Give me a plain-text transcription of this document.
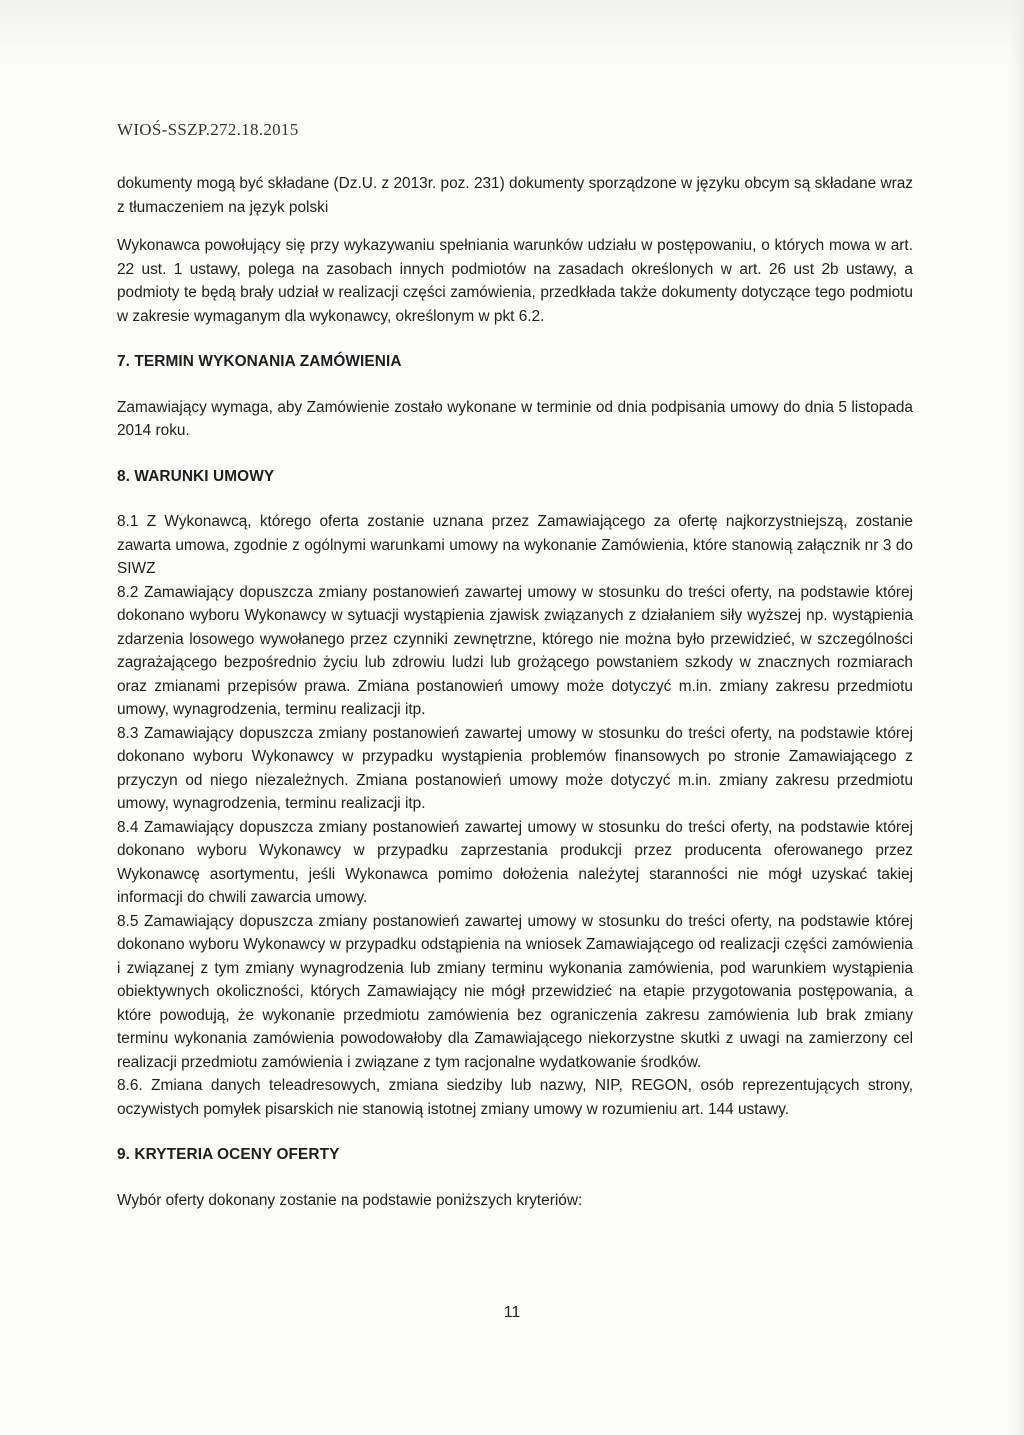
WIOŚ-SSZP.272.18.2015

dokumenty mogą być składane (Dz.U. z 2013r. poz. 231) dokumenty sporządzone w języku obcym są składane wraz z tłumaczeniem na język polski

Wykonawca powołujący się przy wykazywaniu spełniania warunków udziału w postępowaniu, o których mowa w art. 22 ust. 1 ustawy, polega na zasobach innych podmiotów na zasadach określonych w art. 26 ust 2b ustawy, a podmioty te będą brały udział w realizacji części zamówienia, przedkłada także dokumenty dotyczące tego podmiotu w zakresie wymaganym dla wykonawcy, określonym w pkt 6.2.

7. TERMIN WYKONANIA ZAMÓWIENIA

Zamawiający wymaga, aby Zamówienie zostało wykonane w terminie od dnia podpisania umowy do dnia 5 listopada 2014 roku.

8. WARUNKI UMOWY

8.1 Z Wykonawcą, którego oferta zostanie uznana przez Zamawiającego za ofertę najkorzystniejszą, zostanie zawarta umowa, zgodnie z ogólnymi warunkami umowy na wykonanie Zamówienia, które stanowią załącznik nr 3 do SIWZ

8.2 Zamawiający dopuszcza zmiany postanowień zawartej umowy w stosunku do treści oferty, na podstawie której dokonano wyboru Wykonawcy w sytuacji wystąpienia zjawisk związanych z działaniem siły wyższej np. wystąpienia zdarzenia losowego wywołanego przez czynniki zewnętrzne, którego nie można było przewidzieć, w szczególności zagrażającego bezpośrednio życiu lub zdrowiu ludzi lub grożącego powstaniem szkody w znacznych rozmiarach oraz zmianami przepisów prawa. Zmiana postanowień umowy może dotyczyć m.in. zmiany zakresu przedmiotu umowy, wynagrodzenia, terminu realizacji itp.

8.3 Zamawiający dopuszcza zmiany postanowień zawartej umowy w stosunku do treści oferty, na podstawie której dokonano wyboru Wykonawcy w przypadku wystąpienia problemów finansowych po stronie Zamawiającego z przyczyn od niego niezależnych. Zmiana postanowień umowy może dotyczyć m.in. zmiany zakresu przedmiotu umowy, wynagrodzenia, terminu realizacji itp.

8.4 Zamawiający dopuszcza zmiany postanowień zawartej umowy w stosunku do treści oferty, na podstawie której dokonano wyboru Wykonawcy w przypadku zaprzestania produkcji przez producenta oferowanego przez Wykonawcę asortymentu, jeśli Wykonawca pomimo dołożenia należytej staranności nie mógł uzyskać takiej informacji do chwili zawarcia umowy.

8.5 Zamawiający dopuszcza zmiany postanowień zawartej umowy w stosunku do treści oferty, na podstawie której dokonano wyboru Wykonawcy w przypadku odstąpienia na wniosek Zamawiającego od realizacji części zamówienia i związanej z tym zmiany wynagrodzenia lub zmiany terminu wykonania zamówienia, pod warunkiem wystąpienia obiektywnych okoliczności, których Zamawiający nie mógł przewidzieć na etapie przygotowania postępowania, a które powodują, że wykonanie przedmiotu zamówienia bez ograniczenia zakresu zamówienia lub brak zmiany terminu wykonania zamówienia powodowałoby dla Zamawiającego niekorzystne skutki z uwagi na zamierzony cel realizacji przedmiotu zamówienia i związane z tym racjonalne wydatkowanie środków.

8.6. Zmiana danych teleadresowych, zmiana siedziby lub nazwy, NIP, REGON, osób reprezentujących strony, oczywistych pomyłek pisarskich nie stanowią istotnej zmiany umowy w rozumieniu art. 144 ustawy.

9. KRYTERIA OCENY OFERTY

Wybór oferty dokonany zostanie na podstawie poniższych kryteriów:

11
